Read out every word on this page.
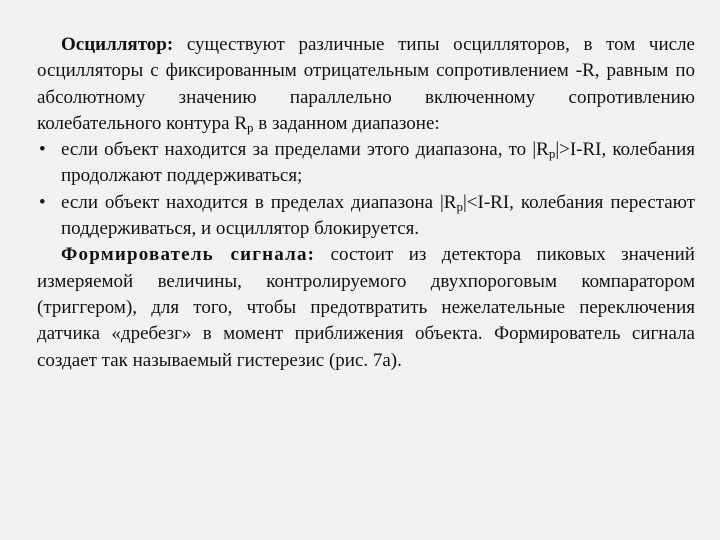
Осциллятор: существуют различные типы осцилляторов, в том числе осцилляторы с фиксированным отрицательным сопротивлением -R, равным по абсолютному значению параллельно включенному сопротивлению колебательного контура $R_p$ в заданном диапазоне:

• если объект находится за пределами этого диапазона, то $|R_p|>I-RI$, колебания продолжают поддерживаться;
• если объект находится в пределах диапазона $|R_p|<I-RI$, колебания перестают поддерживаться, и осциллятор блокируется.

Формирователь сигнала: состоит из детектора пиковых значений измеряемой величины, контролируемого двухпороговым компаратором (триггером), для того, чтобы предотвратить нежелательные переключения датчика «дребезг» в момент приближения объекта. Формирователь сигнала создает так называемый гистерезис (рис. 7а).
